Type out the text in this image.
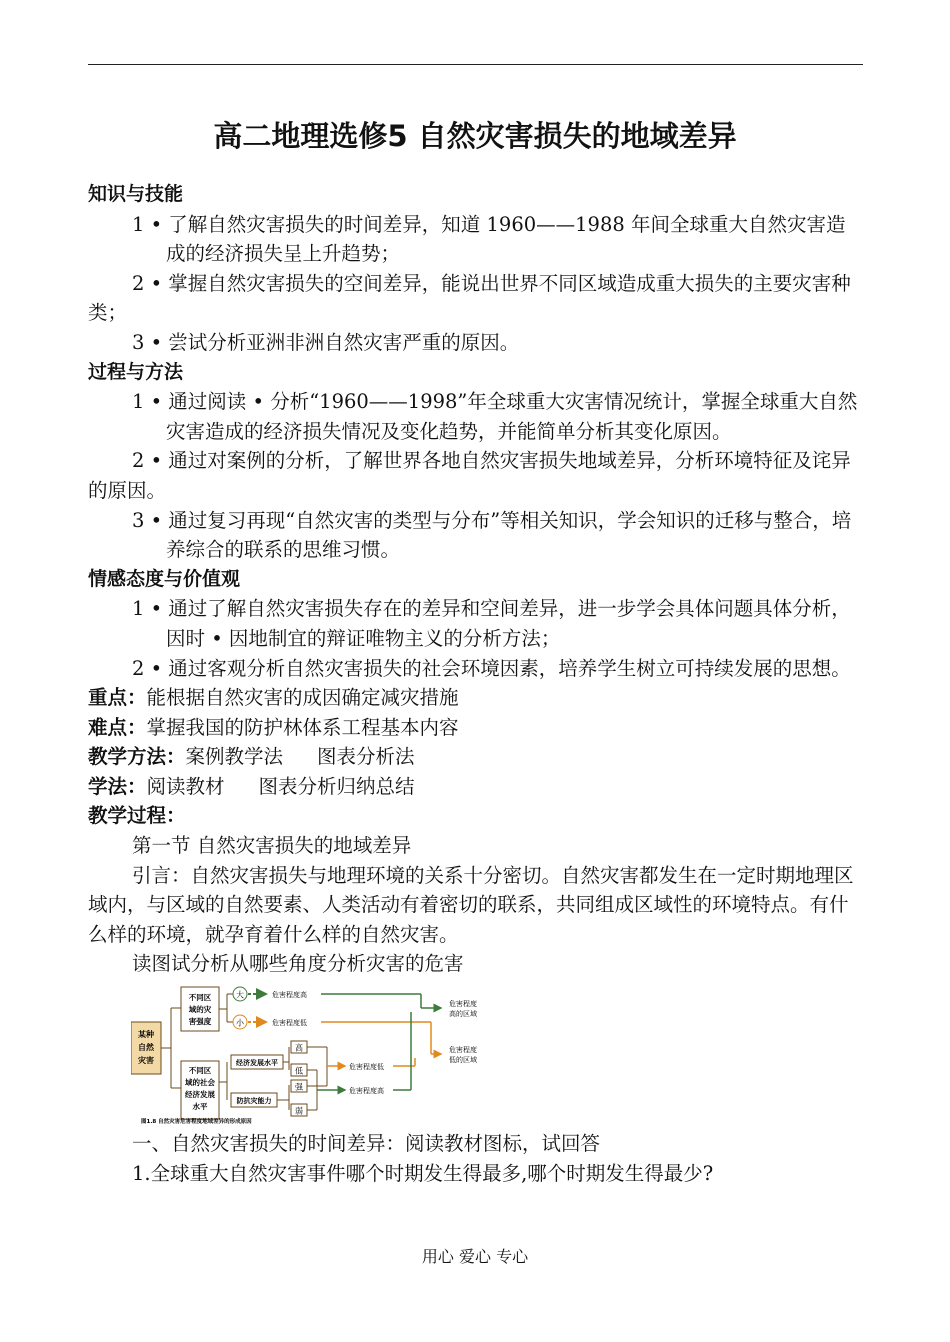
高二地理选修5 自然灾害损失的地域差异

知识与技能

1 • 了解自然灾害损失的时间差异，知道 1960——1988 年间全球重大自然灾害造成的经济损失呈上升趋势；

2 • 掌握自然灾害损失的空间差异，能说出世界不同区域造成重大损失的主要灾害种类；

3 • 尝试分析亚洲非洲自然灾害严重的原因。

过程与方法

1 • 通过阅读 • 分析“1960——1998”年全球重大灾害情况统计，掌握全球重大自然灾害造成的经济损失情况及变化趋势，并能简单分析其变化原因。

2 • 通过对案例的分析，了解世界各地自然灾害损失地域差异，分析环境特征及诧异的原因。

3 • 通过复习再现“自然灾害的类型与分布”等相关知识，学会知识的迁移与整合，培养综合的联系的思维习惯。

情感态度与价值观

1 • 通过了解自然灾害损失存在的差异和空间差异，进一步学会具体问题具体分析，因时 • 因地制宜的辩证唯物主义的分析方法；

2 • 通过客观分析自然灾害损失的社会环境因素，培养学生树立可持续发展的思想。

重点：能根据自然灾害的成因确定减灾措施

难点：掌握我国的防护林体系工程基本内容

教学方法：案例教学法 图表分析法

学法：阅读教材 图表分析归纳总结

教学过程：

第一节 自然灾害损失的地域差异

引言：自然灾害损失与地理环境的关系十分密切。自然灾害都发生在一定时期地理区域内，与区域的自然要素、人类活动有着密切的联系，共同组成区域性的环境特点。有什么样的环境，就孕育着什么样的自然灾害。

读图试分析从哪些角度分析灾害的危害

某种
自然
灾害
不同区
域的灾
害强度
不同区
域的社会
经济发展
水平
大
小
危害程度高
危害程度低
经济发展水平
防抗灾能力
高
低
强
弱
危害程度低
危害程度高
危害程度
高的区域
危害程度
低的区域
图1.8 自然灾害危害程度地域差异的形成原因

一、自然灾害损失的时间差异：阅读教材图标，试回答

1.全球重大自然灾害事件哪个时期发生得最多,哪个时期发生得最少?

用心 爱心 专心
